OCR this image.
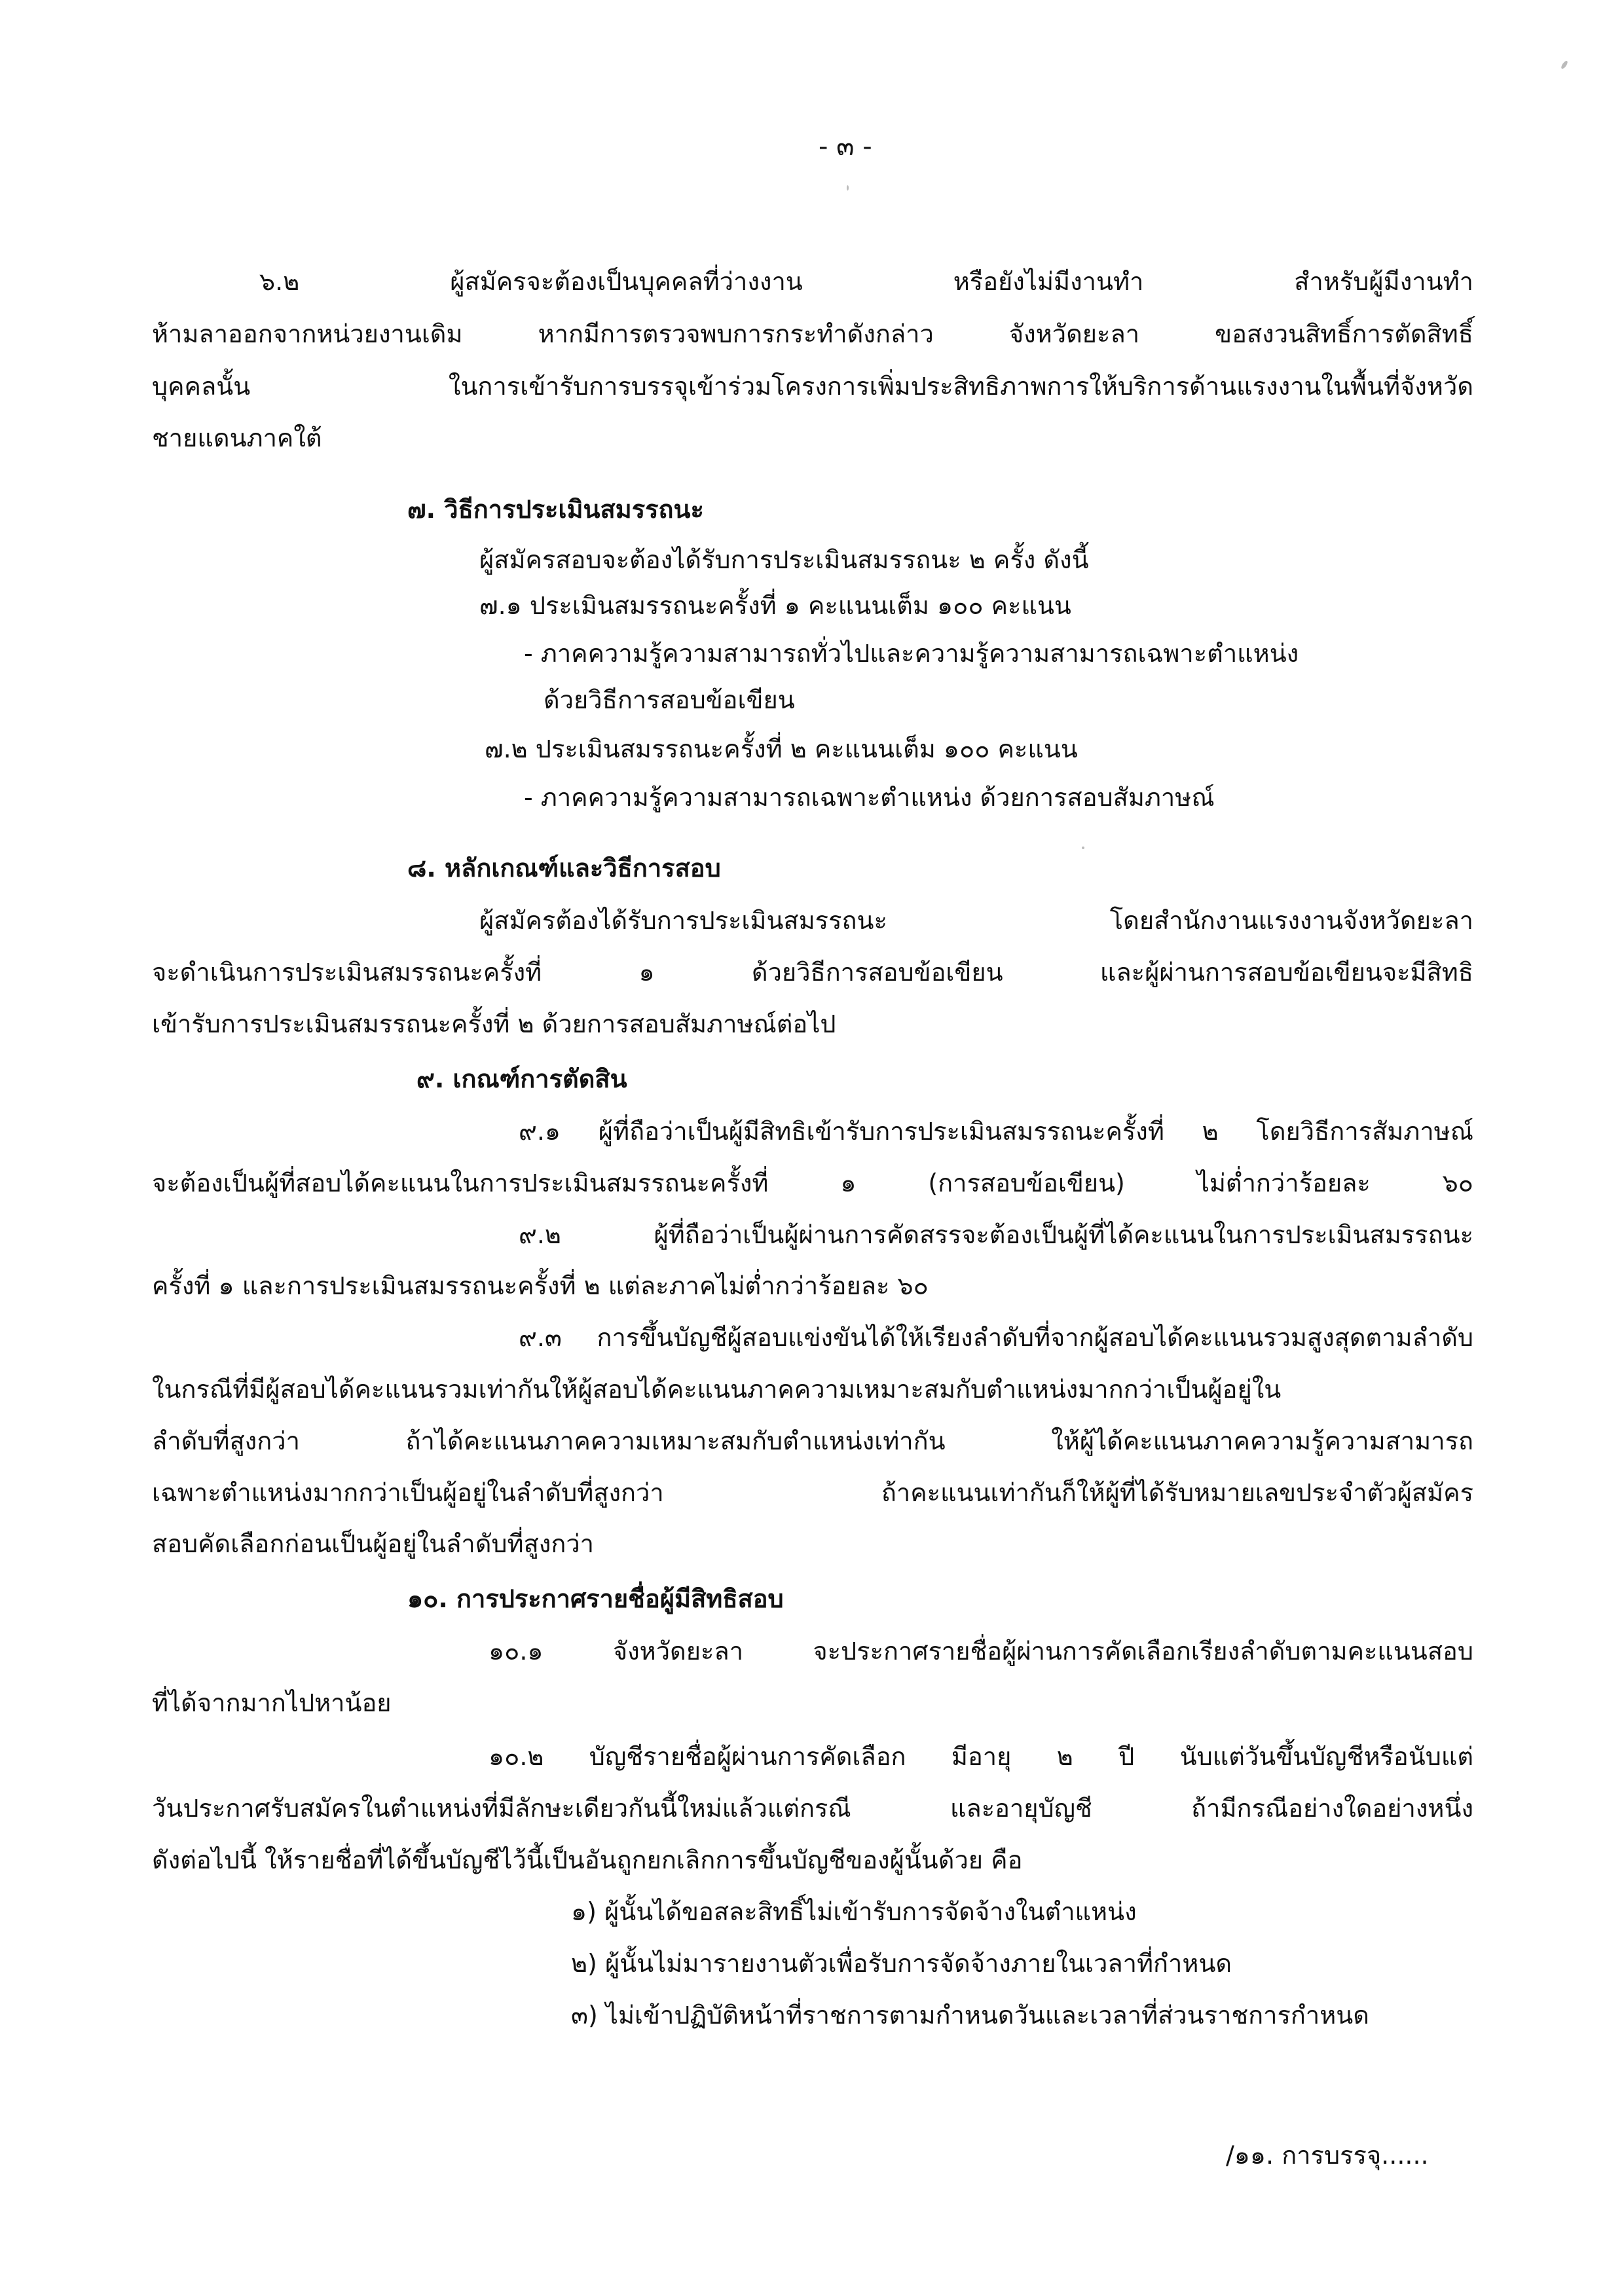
- ๓ -
๖.๒ ผู้สมัครจะต้องเป็นบุคคลที่ว่างงาน หรือยังไม่มีงานทำ สำหรับผู้มีงานทำ
ห้ามลาออกจากหน่วยงานเดิม หากมีการตรวจพบการกระทำดังกล่าว จังหวัดยะลา ขอสงวนสิทธิ์การตัดสิทธิ์
บุคคลนั้น ในการเข้ารับการบรรจุเข้าร่วมโครงการเพิ่มประสิทธิภาพการให้บริการด้านแรงงานในพื้นที่จังหวัด
ชายแดนภาคใต้
๗. วิธีการประเมินสมรรถนะ
ผู้สมัครสอบจะต้องได้รับการประเมินสมรรถนะ ๒ ครั้ง ดังนี้
๗.๑ ประเมินสมรรถนะครั้งที่ ๑ คะแนนเต็ม ๑๐๐ คะแนน
- ภาคความรู้ความสามารถทั่วไปและความรู้ความสามารถเฉพาะตำแหน่ง
ด้วยวิธีการสอบข้อเขียน
๗.๒ ประเมินสมรรถนะครั้งที่ ๒ คะแนนเต็ม ๑๐๐ คะแนน
- ภาคความรู้ความสามารถเฉพาะตำแหน่ง ด้วยการสอบสัมภาษณ์
๘. หลักเกณฑ์และวิธีการสอบ
ผู้สมัครต้องได้รับการประเมินสมรรถนะ โดยสำนักงานแรงงานจังหวัดยะลา
จะดำเนินการประเมินสมรรถนะครั้งที่ ๑ ด้วยวิธีการสอบข้อเขียน และผู้ผ่านการสอบข้อเขียนจะมีสิทธิ
เข้ารับการประเมินสมรรถนะครั้งที่ ๒ ด้วยการสอบสัมภาษณ์ต่อไป
๙. เกณฑ์การตัดสิน
๙.๑ ผู้ที่ถือว่าเป็นผู้มีสิทธิเข้ารับการประเมินสมรรถนะครั้งที่ ๒ โดยวิธีการสัมภาษณ์
จะต้องเป็นผู้ที่สอบได้คะแนนในการประเมินสมรรถนะครั้งที่ ๑ (การสอบข้อเขียน) ไม่ต่ำกว่าร้อยละ ๖๐
๙.๒ ผู้ที่ถือว่าเป็นผู้ผ่านการคัดสรรจะต้องเป็นผู้ที่ได้คะแนนในการประเมินสมรรถนะ
ครั้งที่ ๑ และการประเมินสมรรถนะครั้งที่ ๒ แต่ละภาคไม่ต่ำกว่าร้อยละ ๖๐
๙.๓ การขึ้นบัญชีผู้สอบแข่งขันได้ให้เรียงลำดับที่จากผู้สอบได้คะแนนรวมสูงสุดตามลำดับ
ในกรณีที่มีผู้สอบได้คะแนนรวมเท่ากันให้ผู้สอบได้คะแนนภาคความเหมาะสมกับตำแหน่งมากกว่าเป็นผู้อยู่ใน
ลำดับที่สูงกว่า ถ้าได้คะแนนภาคความเหมาะสมกับตำแหน่งเท่ากัน ให้ผู้ได้คะแนนภาคความรู้ความสามารถ
เฉพาะตำแหน่งมากกว่าเป็นผู้อยู่ในลำดับที่สูงกว่า ถ้าคะแนนเท่ากันก็ให้ผู้ที่ได้รับหมายเลขประจำตัวผู้สมัคร
สอบคัดเลือกก่อนเป็นผู้อยู่ในลำดับที่สูงกว่า
๑๐. การประกาศรายชื่อผู้มีสิทธิสอบ
๑๐.๑ จังหวัดยะลา จะประกาศรายชื่อผู้ผ่านการคัดเลือกเรียงลำดับตามคะแนนสอบ
ที่ได้จากมากไปหาน้อย
๑๐.๒ บัญชีรายชื่อผู้ผ่านการคัดเลือก มีอายุ ๒ ปี นับแต่วันขึ้นบัญชีหรือนับแต่
วันประกาศรับสมัครในตำแหน่งที่มีลักษะเดียวกันนี้ใหม่แล้วแต่กรณี และอายุบัญชี ถ้ามีกรณีอย่างใดอย่างหนึ่ง
ดังต่อไปนี้ ให้รายชื่อที่ได้ขึ้นบัญชีไว้นี้เป็นอันถูกยกเลิกการขึ้นบัญชีของผู้นั้นด้วย คือ
๑) ผู้นั้นได้ขอสละสิทธิ์ไม่เข้ารับการจัดจ้างในตำแหน่ง
๒) ผู้นั้นไม่มารายงานตัวเพื่อรับการจัดจ้างภายในเวลาที่กำหนด
๓) ไม่เข้าปฏิบัติหน้าที่ราชการตามกำหนดวันและเวลาที่ส่วนราชการกำหนด
/๑๑. การบรรจุ......
